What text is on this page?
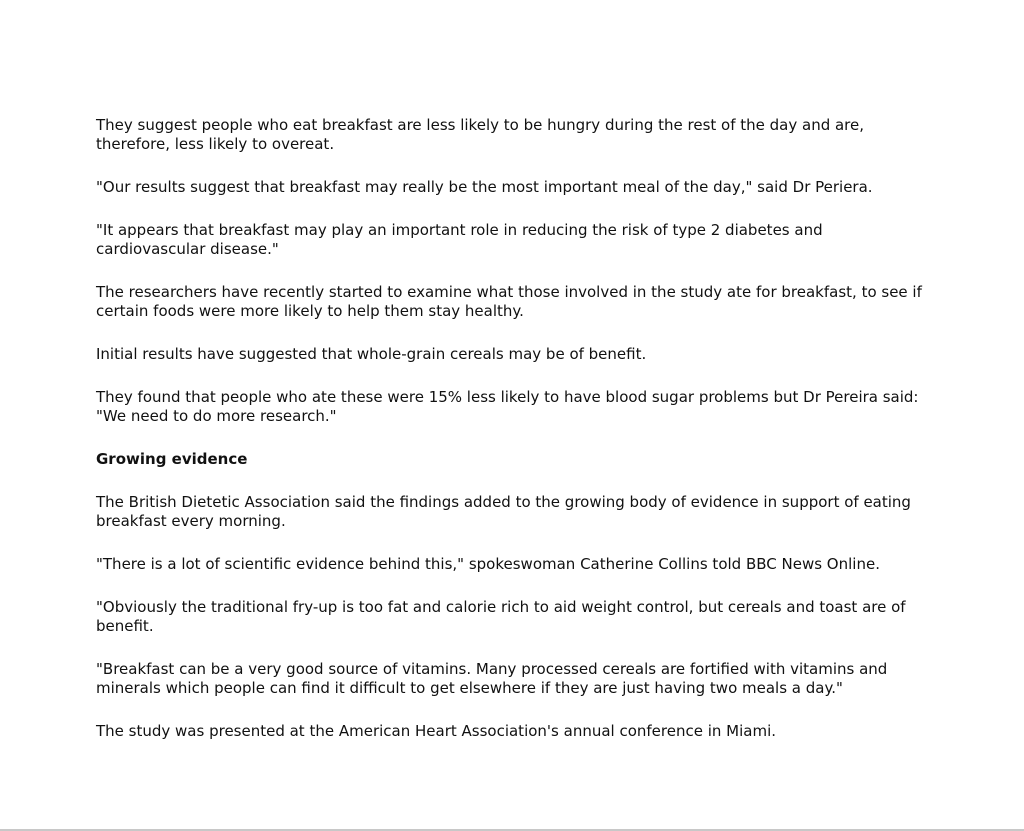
They suggest people who eat breakfast are less likely to be hungry during the rest of the day and are, therefore, less likely to overeat.

"Our results suggest that breakfast may really be the most important meal of the day," said Dr Periera.

"It appears that breakfast may play an important role in reducing the risk of type 2 diabetes and cardiovascular disease."

The researchers have recently started to examine what those involved in the study ate for breakfast, to see if certain foods were more likely to help them stay healthy.

Initial results have suggested that whole-grain cereals may be of benefit.

They found that people who ate these were 15% less likely to have blood sugar problems but Dr Pereira said: "We need to do more research."

Growing evidence

The British Dietetic Association said the findings added to the growing body of evidence in support of eating breakfast every morning.

"There is a lot of scientific evidence behind this," spokeswoman Catherine Collins told BBC News Online.

"Obviously the traditional fry-up is too fat and calorie rich to aid weight control, but cereals and toast are of benefit.

"Breakfast can be a very good source of vitamins. Many processed cereals are fortified with vitamins and minerals which people can find it difficult to get elsewhere if they are just having two meals a day."

The study was presented at the American Heart Association's annual conference in Miami.
